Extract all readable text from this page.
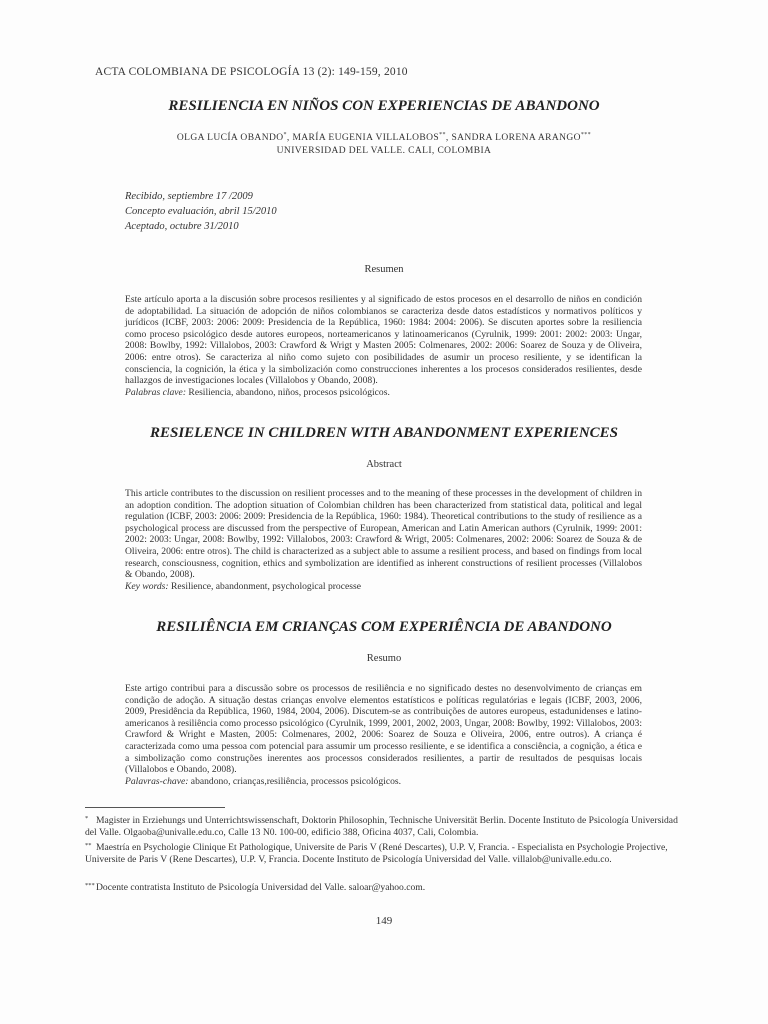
ACTA COLOMBIANA DE PSICOLOGÍA 13 (2): 149-159, 2010
RESILIENCIA EN NIÑOS CON EXPERIENCIAS DE ABANDONO
OLGA LUCÍA OBANDO*, MARÍA EUGENIA VILLALOBOS**, SANDRA LORENA ARANGO***
UNIVERSIDAD DEL VALLE. CALI, COLOMBIA
Recibido, septiembre 17 /2009
Concepto evaluación, abril 15/2010
Aceptado, octubre 31/2010
Resumen

Este artículo aporta a la discusión sobre procesos resilientes y al significado de estos procesos en el desarrollo de niños en condición de adoptabilidad. La situación de adopción de niños colombianos se caracteriza desde datos estadísticos y normativos políticos y jurídicos (ICBF, 2003: 2006: 2009: Presidencia de la República, 1960: 1984: 2004: 2006). Se discuten aportes sobre la resiliencia como proceso psicológico desde autores europeos, norteamericanos y latinoamericanos (Cyrulnik, 1999: 2001: 2002: 2003: Ungar, 2008: Bowlby, 1992: Villalobos, 2003: Crawford & Wrigt y Masten 2005: Colmenares, 2002: 2006: Soarez de Souza y de Oliveira, 2006: entre otros). Se caracteriza al niño como sujeto con posibilidades de asumir un proceso resiliente, y se identifican la consciencia, la cognición, la ética y la simbolización como construcciones inherentes a los procesos considerados resilientes, desde hallazgos de investigaciones locales (Villalobos y Obando, 2008).

Palabras clave: Resiliencia, abandono, niños, procesos psicológicos.
RESIELENCE IN CHILDREN WITH ABANDONMENT EXPERIENCES
Abstract

This article contributes to the discussion on resilient processes and to the meaning of these processes in the development of children in an adoption condition. The adoption situation of Colombian children has been characterized from statistical data, political and legal regulation (ICBF, 2003: 2006: 2009: Presidencia de la República, 1960: 1984). Theoretical contributions to the study of resilience as a psychological process are discussed from the perspective of European, American and Latin American authors (Cyrulnik, 1999: 2001: 2002: 2003: Ungar, 2008: Bowlby, 1992: Villalobos, 2003: Crawford & Wrigt, 2005: Colmenares, 2002: 2006: Soarez de Souza & de Oliveira, 2006: entre otros). The child is characterized as a subject able to assume a resilient process, and based on findings from local research, consciousness, cognition, ethics and symbolization are identified as inherent constructions of resilient processes (Villalobos & Obando, 2008).

Key words: Resilience, abandonment, psychological processe
RESILIÊNCIA EM CRIANÇAS COM EXPERIÊNCIA DE ABANDONO
Resumo

Este artigo contribui para a discussão sobre os processos de resiliência e no significado destes no desenvolvimento de crianças em condição de adoção. A situação destas crianças envolve elementos estatísticos e políticas regulatórias e legais (ICBF, 2003, 2006, 2009, Presidência da República, 1960, 1984, 2004, 2006). Discutem-se as contribuições de autores europeus, estadunidenses e latino-americanos à resiliência como processo psicológico (Cyrulnik, 1999, 2001, 2002, 2003, Ungar, 2008: Bowlby, 1992: Villalobos, 2003: Crawford & Wright e Masten, 2005: Colmenares, 2002, 2006: Soarez de Souza e Oliveira, 2006, entre outros). A criança é caracterizada como uma pessoa com potencial para assumir um processo resiliente, e se identifica a consciência, a cognição, a ética e a simbolização como construções inerentes aos processos considerados resilientes, a partir de resultados de pesquisas locais (Villalobos e Obando, 2008).

Palavras-chave: abandono, crianças,resiliência, processos psicológicos.
* Magister in Erziehungs und Unterrichtswissenschaft, Doktorin Philosophin, Technische Universität Berlin. Docente Instituto de Psicología Universidad del Valle. Olgaoba@univalle.edu.co, Calle 13 N0. 100-00, edificio 388, Oficina 4037, Cali, Colombia.
** Maestría en Psychologie Clinique Et Pathologique, Universite de Paris V (René Descartes), U.P. V, Francia. - Especialista en Psychologie Projective, Universite de Paris V (Rene Descartes), U.P. V, Francia. Docente Instituto de Psicología Universidad del Valle. villalob@univalle.edu.co.
***Docente contratista Instituto de Psicología Universidad del Valle. saloar@yahoo.com.
149
